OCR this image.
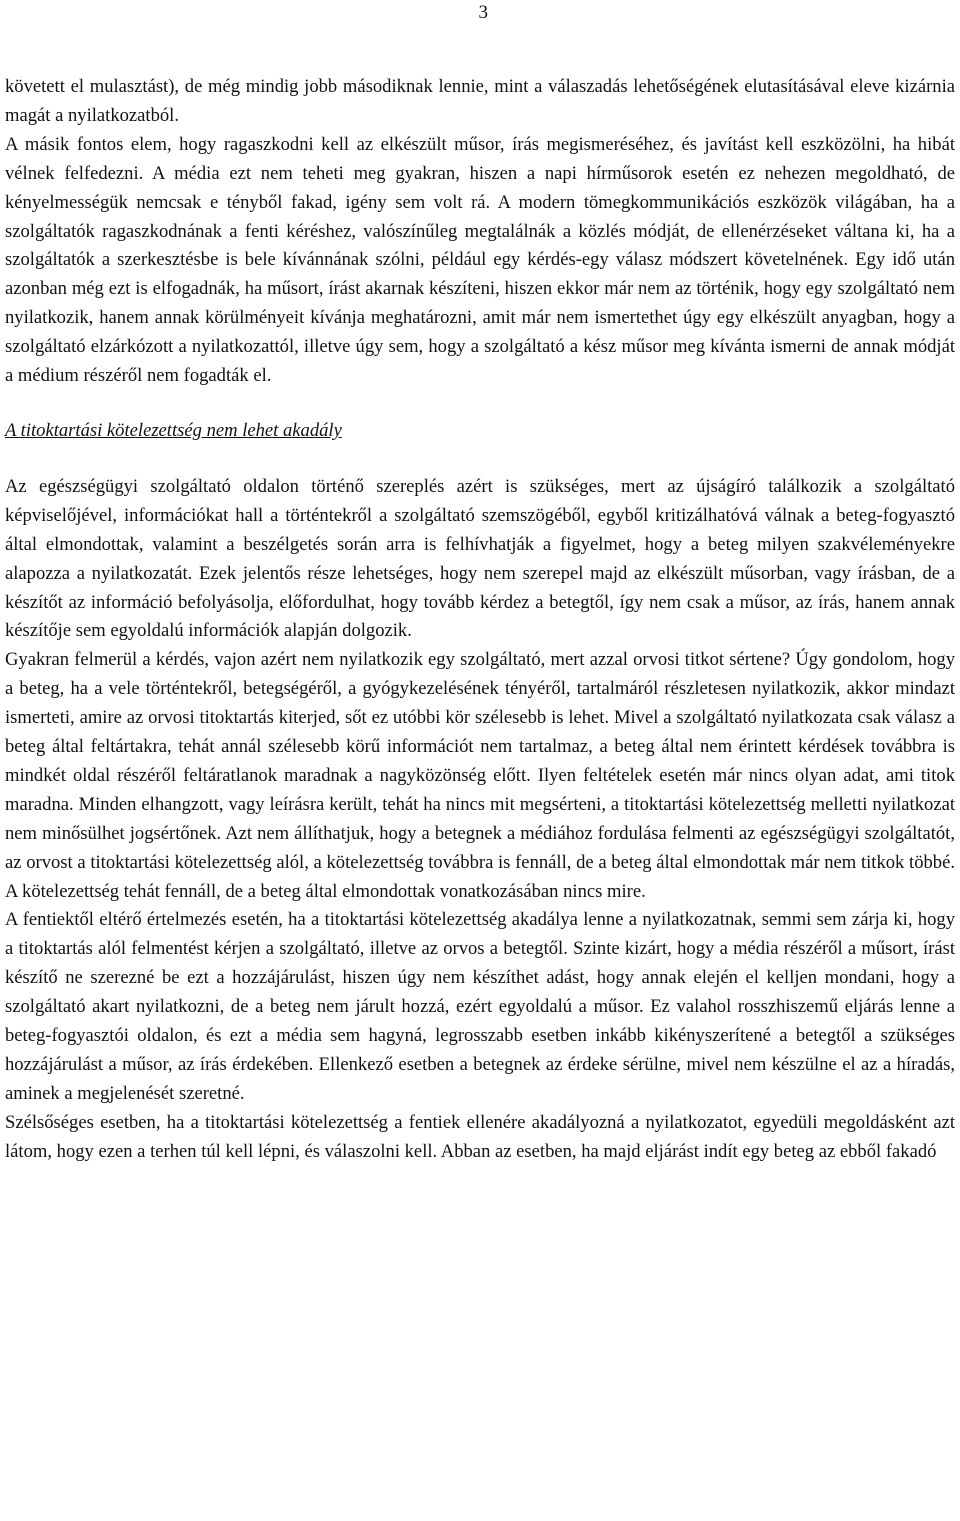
3

követett el mulasztást), de még mindig jobb másodiknak lennie, mint a válaszadás lehetőségének elutasításával eleve kizárnia magát a nyilatkozatból.

A másik fontos elem, hogy ragaszkodni kell az elkészült műsor, írás megismeréséhez, és javítást kell eszközölni, ha hibát vélnek felfedezni. A média ezt nem teheti meg gyakran, hiszen a napi hírműsorok esetén ez nehezen megoldható, de kényelmességük nemcsak e tényből fakad, igény sem volt rá. A modern tömegkommunikációs eszközök világában, ha a szolgáltatók ragaszkodnának a fenti kéréshez, valószínűleg megtalálnák a közlés módját, de ellenérzéseket váltana ki, ha a szolgáltatók a szerkesztésbe is bele kívánnának szólni, például egy kérdés-egy válasz módszert követelnének. Egy idő után azonban még ezt is elfogadnák, ha műsort, írást akarnak készíteni, hiszen ekkor már nem az történik, hogy egy szolgáltató nem nyilatkozik, hanem annak körülményeit kívánja meghatározni, amit már nem ismertethet úgy egy elkészült anyagban, hogy a szolgáltató elzárkózott a nyilatkozattól, illetve úgy sem, hogy a szolgáltató a kész műsor meg kívánta ismerni de annak módját a médium részéről nem fogadták el.

A titoktartási kötelezettség nem lehet akadály

Az egészségügyi szolgáltató oldalon történő szereplés azért is szükséges, mert az újságíró találkozik a szolgáltató képviselőjével, információkat hall a történtekről a szolgáltató szemszögéből, egyből kritizálhatóvá válnak a beteg-fogyasztó által elmondottak, valamint a beszélgetés során arra is felhívhatják a figyelmet, hogy a beteg milyen szakvéleményekre alapozza a nyilatkozatát. Ezek jelentős része lehetséges, hogy nem szerepel majd az elkészült műsorban, vagy írásban, de a készítőt az információ befolyásolja, előfordulhat, hogy tovább kérdez a betegtől, így nem csak a műsor, az írás, hanem annak készítője sem egyoldalú információk alapján dolgozik.

Gyakran felmerül a kérdés, vajon azért nem nyilatkozik egy szolgáltató, mert azzal orvosi titkot sértene? Úgy gondolom, hogy a beteg, ha a vele történtekről, betegségéről, a gyógykezelésének tényéről, tartalmáról részletesen nyilatkozik, akkor mindazt ismerteti, amire az orvosi titoktartás kiterjed, sőt ez utóbbi kör szélesebb is lehet. Mivel a szolgáltató nyilatkozata csak válasz a beteg által feltártakra, tehát annál szélesebb körű információt nem tartalmaz, a beteg által nem érintett kérdések továbbra is mindkét oldal részéről feltáratlanok maradnak a nagyközönség előtt. Ilyen feltételek esetén már nincs olyan adat, ami titok maradna. Minden elhangzott, vagy leírásra került, tehát ha nincs mit megsérteni, a titoktartási kötelezettség melletti nyilatkozat nem minősülhet jogsértőnek. Azt nem állíthatjuk, hogy a betegnek a médiához fordulása felmenti az egészségügyi szolgáltatót, az orvost a titoktartási kötelezettség alól, a kötelezettség továbbra is fennáll, de a beteg által elmondottak már nem titkok többé. A kötelezettség tehát fennáll, de a beteg által elmondottak vonatkozásában nincs mire.

A fentiektől eltérő értelmezés esetén, ha a titoktartási kötelezettség akadálya lenne a nyilatkozatnak, semmi sem zárja ki, hogy a titoktartás alól felmentést kérjen a szolgáltató, illetve az orvos a betegtől. Szinte kizárt, hogy a média részéről a műsort, írást készítő ne szerezné be ezt a hozzájárulást, hiszen úgy nem készíthet adást, hogy annak elején el kelljen mondani, hogy a szolgáltató akart nyilatkozni, de a beteg nem járult hozzá, ezért egyoldalú a műsor. Ez valahol rosszhiszemű eljárás lenne a beteg-fogyasztói oldalon, és ezt a média sem hagyná, legrosszabb esetben inkább kikényszerítené a betegtől a szükséges hozzájárulást a műsor, az írás érdekében. Ellenkező esetben a betegnek az érdeke sérülne, mivel nem készülne el az a híradás, aminek a megjelenését szeretné.

Szélsőséges esetben, ha a titoktartási kötelezettség a fentiek ellenére akadályozná a nyilatkozatot, egyedüli megoldásként azt látom, hogy ezen a terhen túl kell lépni, és válaszolni kell. Abban az esetben, ha majd eljárást indít egy beteg az ebből fakadó
